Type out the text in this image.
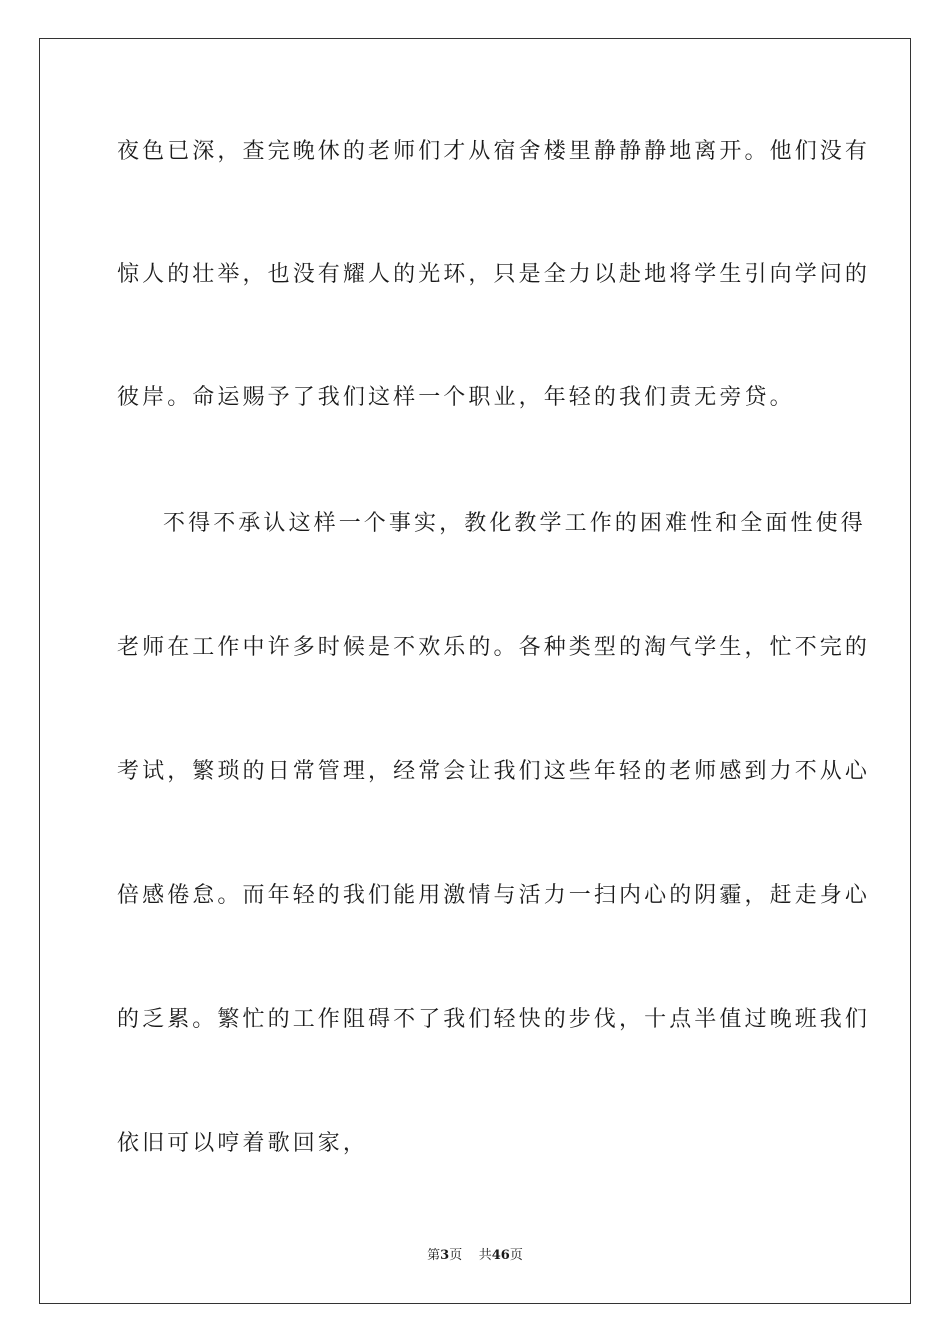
夜色已深，查完晚休的老师们才从宿舍楼里静静静地离开。他们没有
惊人的壮举，也没有耀人的光环，只是全力以赴地将学生引向学问的
彼岸。命运赐予了我们这样一个职业，年轻的我们责无旁贷。
不得不承认这样一个事实，教化教学工作的困难性和全面性使得
老师在工作中许多时候是不欢乐的。各种类型的淘气学生，忙不完的
考试，繁琐的日常管理，经常会让我们这些年轻的老师感到力不从心
倍感倦怠。而年轻的我们能用激情与活力一扫内心的阴霾，赶走身心
的乏累。繁忙的工作阻碍不了我们轻快的步伐，十点半值过晚班我们
依旧可以哼着歌回家，
第3页 共46页
